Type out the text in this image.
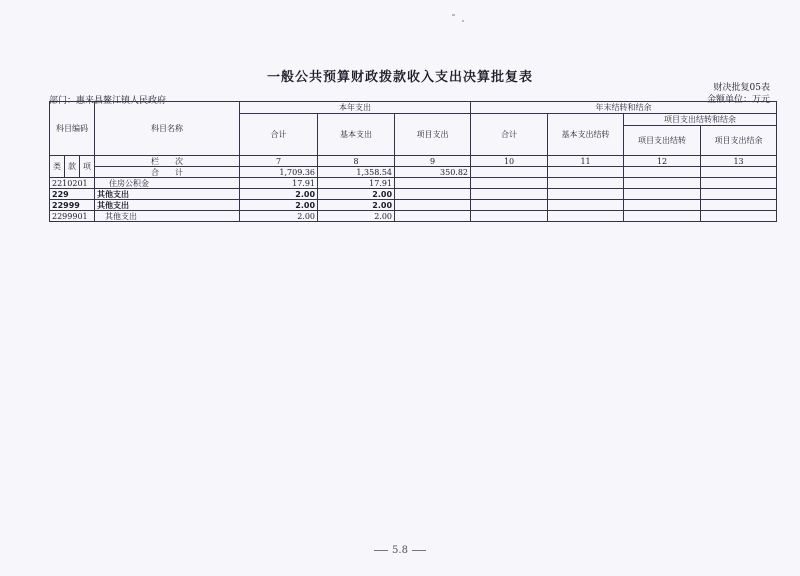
一般公共预算财政拨款收入支出决算批复表
财决批复05表
金额单位：万元
部门：惠来县鳌江镇人民政府
科目编码			科目名称	本年支出			年末结转和结余			
				合计	基本支出	项目支出	合计	基本支出结转	项目支出结转和结余	
									项目支出结转	项目支出结余
类	款	项	栏　　次	7	8	9	10	11	12	13
			合　　计	1,709.36	1,358.54	350.82				
2210201			住房公积金	17.91	17.91					
229			其他支出	2.00	2.00					
22999			其他支出	2.00	2.00					
2299901			其他支出	2.00	2.00					
5.8
